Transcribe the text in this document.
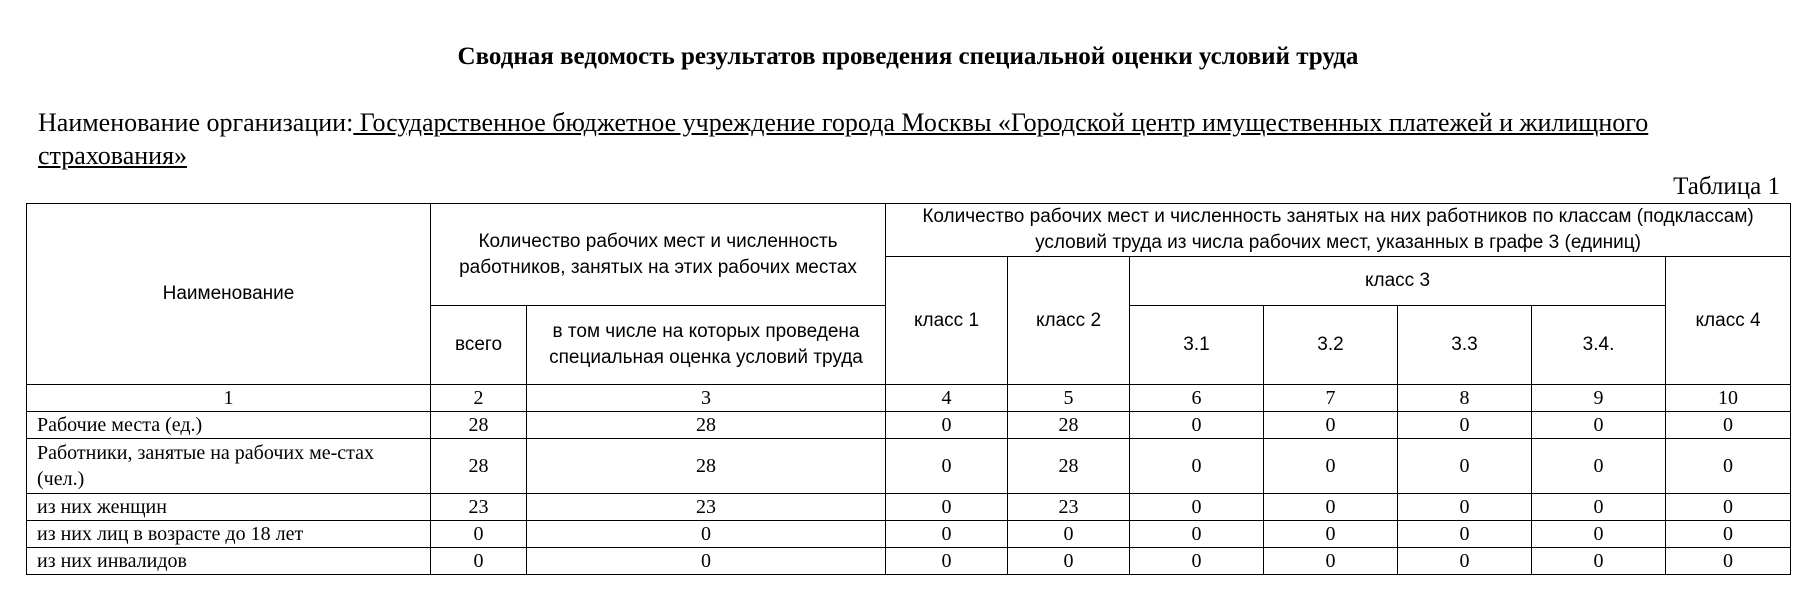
Сводная ведомость результатов проведения специальной оценки условий труда
Наименование организации: Государственное бюджетное учреждение города Москвы «Городской центр имущественных платежей и жилищного страхования»
Таблица 1
Наименование	Количество рабочих мест и численность работников, занятых на этих рабочих местах		Количество рабочих мест и численность занятых на них работников по классам (подклассам) условий труда из числа рабочих мест, указанных в графе 3 (единиц)						
			класс 1	класс 2	класс 3				класс 4
	всего	в том числе на которых проведена специальная оценка условий труда			3.1	3.2	3.3	3.4.	
1	2	3	4	5	6	7	8	9	10
Рабочие места (ед.)	28	28	0	28	0	0	0	0	0
Работники, занятые на рабочих ме-стах (чел.)	28	28	0	28	0	0	0	0	0
из них женщин	23	23	0	23	0	0	0	0	0
из них лиц в возрасте до 18 лет	0	0	0	0	0	0	0	0	0
из них инвалидов	0	0	0	0	0	0	0	0	0
